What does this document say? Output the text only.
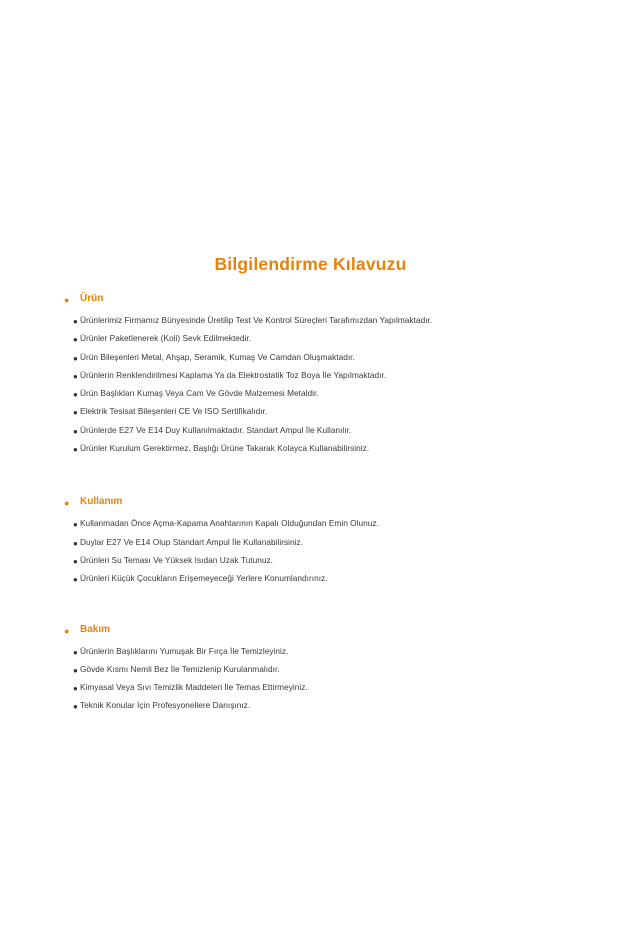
Bilgilendirme Kılavuzu
●	Ürün
● Ürünlerimiz Firmamız Bünyesinde Üretilip Test Ve Kontrol Süreçleri Tarafımızdan Yapılmaktadır.
● Ürünler Paketlenerek (Koli) Sevk Edilmektedir.
● Ürün Bileşenleri Metal, Ahşap, Seramik, Kumaş Ve Camdan Oluşmaktadır.
● Ürünlerin Renklendirilmesi Kaplama Ya da Elektrostatik Toz Boya İle Yapılmaktadır.
● Ürün Başlıkları Kumaş Veya Cam Ve Gövde Malzemesi Metaldir.
● Elektrik Tesisat Bileşenleri CE Ve ISO Sertifikalıdır.
● Ürünlerde E27 Ve E14 Duy Kullanılmaktadır. Standart Ampul İle Kullanılır.
● Ürünler Kurulum Gerektirmez. Başlığı Ürüne Takarak Kolayca Kullanabilirsiniz.
●	Kullanım
● Kullanmadan Önce Açma-Kapama Anahtarının Kapalı Olduğundan Emin Olunuz.
● Duylar E27 Ve E14 Olup Standart Ampul İle Kullanabilirsiniz.
● Ürünleri Su Teması Ve Yüksek Isıdan Uzak Tutunuz.
● Ürünleri Küçük Çocukların Erişemeyeceği Yerlere Konumlandırınız.
●	Bakım
● Ürünlerin Başlıklarını Yumuşak Bir Fırça İle Temizleyiniz.
● Gövde Kısmı Nemli Bez İle Temizlenip Kurulanmalıdır.
● Kimyasal Veya Sıvı Temizlik Maddeleri İle Temas Ettirmeyiniz.
● Teknik Konular İçin Profesyonellere Danışınız.
